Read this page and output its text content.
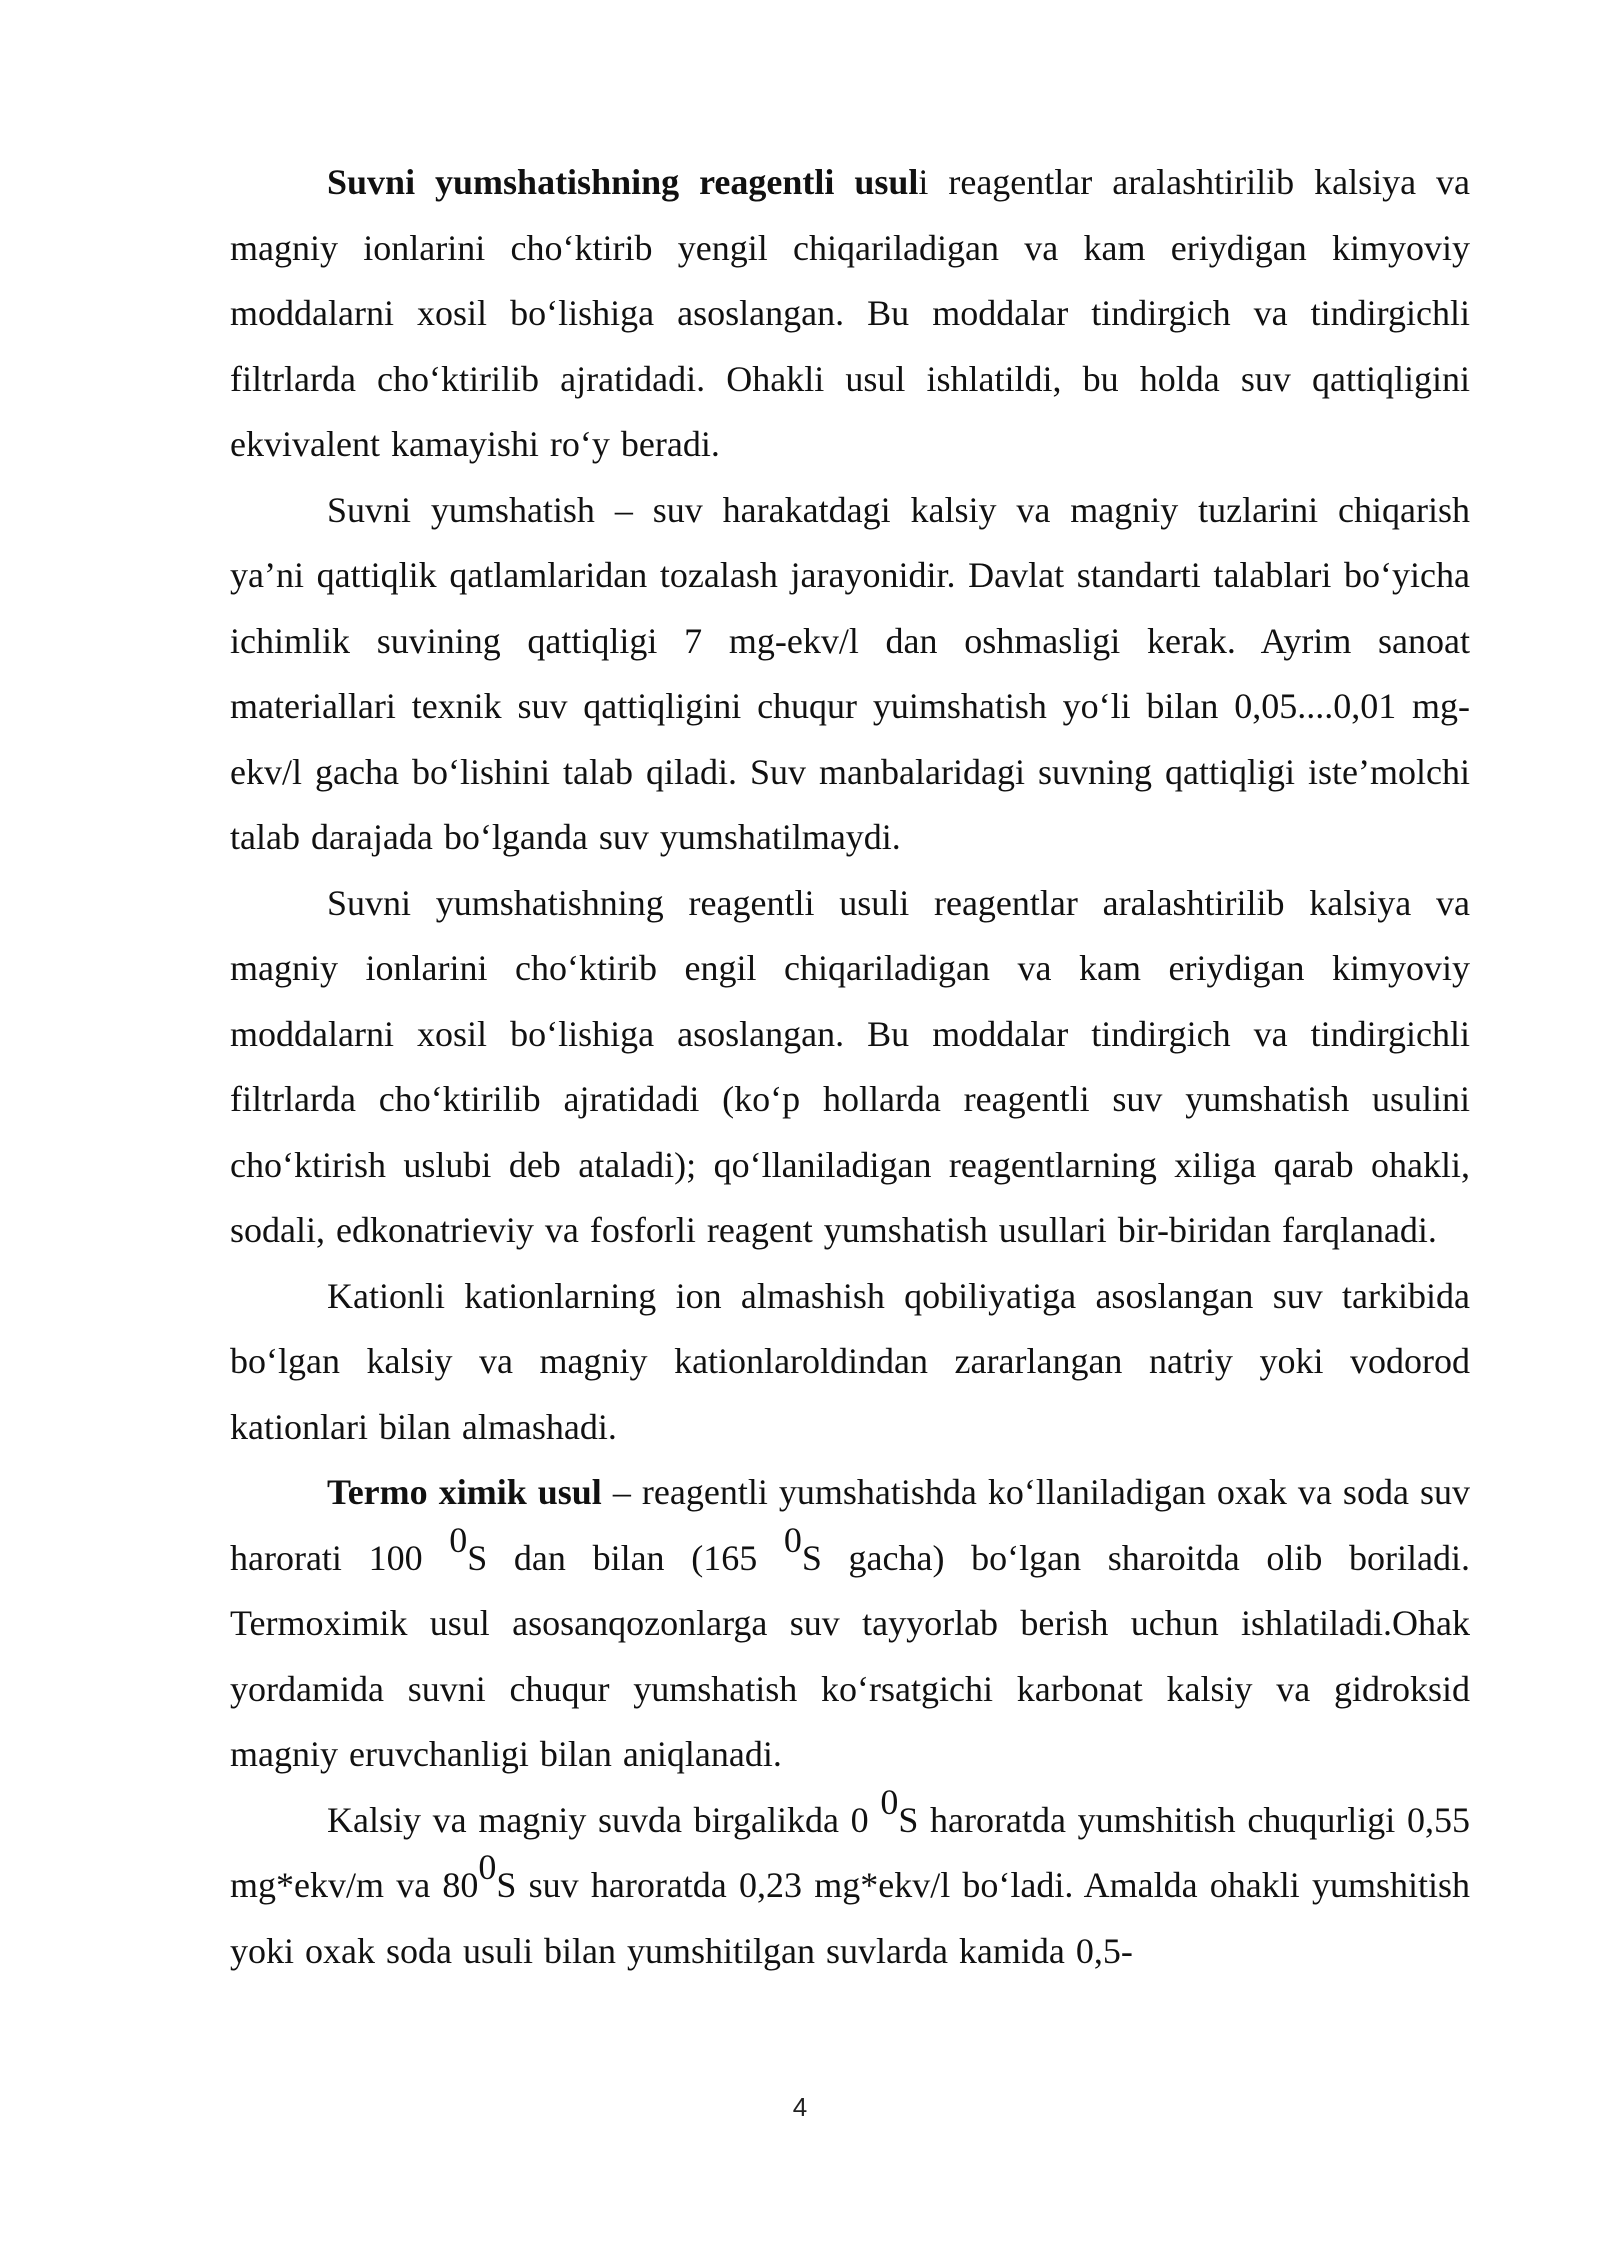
Suvni yumshatishning reagentli usuli reagentlar aralashtirilib kalsiya va magniy ionlarini cho‘ktirib yengil chiqariladigan va kam eriydigan kimyoviy moddalarni xosil bo‘lishiga asoslangan. Bu moddalar tindirgich va tindirgichli filtrlarda cho‘ktirilib ajratidadi. Ohakli usul ishlatildi, bu holda suv qattiqligini ekvivalent kamayishi ro‘y beradi.

Suvni yumshatish – suv harakatdagi kalsiy va magniy tuzlarini chiqarish ya’ni qattiqlik qatlamlaridan tozalash jarayonidir. Davlat standarti talablari bo‘yicha ichimlik suvining qattiqligi 7 mg-ekv/l dan oshmasligi kerak. Ayrim sanoat materiallari texnik suv qattiqligini chuqur yuimshatish yo‘li bilan 0,05....0,01 mg-ekv/l gacha bo‘lishini talab qiladi. Suv manbalaridagi suvning qattiqligi iste’molchi talab darajada bo‘lganda suv yumshatilmaydi.

Suvni yumshatishning reagentli usuli reagentlar aralashtirilib kalsiya va magniy ionlarini cho‘ktirib engil chiqariladigan va kam eriydigan kimyoviy moddalarni xosil bo‘lishiga asoslangan. Bu moddalar tindirgich va tindirgichli filtrlarda cho‘ktirilib ajratidadi (ko‘p hollarda reagentli suv yumshatish usulini cho‘ktirish uslubi deb ataladi); qo‘llaniladigan reagentlarning xiliga qarab ohakli, sodali, edkonatrieviy va fosforli reagent yumshatish usullari bir-biridan farqlanadi.

Kationli kationlarning ion almashish qobiliyatiga asoslangan suv tarkibida bo‘lgan kalsiy va magniy kationlaroldindan zararlangan natriy yoki vodorod kationlari bilan almashadi.

Termo ximik usul – reagentli yumshatishda ko‘llaniladigan oxak va soda suv harorati 100 $^0$S dan bilan (165 $^0$S gacha) bo‘lgan sharoitda olib boriladi. Termoximik usul asosanqozonlarga suv tayyorlab berish uchun ishlatiladi.Ohak yordamida suvni chuqur yumshatish ko‘rsatgichi karbonat kalsiy va gidroksid magniy eruvchanligi bilan aniqlanadi.

Kalsiy va magniy suvda birgalikda 0 $^0$S haroratda yumshitish chuqurligi 0,55 mg*ekv/m va $80^0S$ suv haroratda 0,23 mg*ekv/l bo‘ladi. Amalda ohakli yumshitish yoki oxak soda usuli bilan yumshitilgan suvlarda kamida 0,5-

4
